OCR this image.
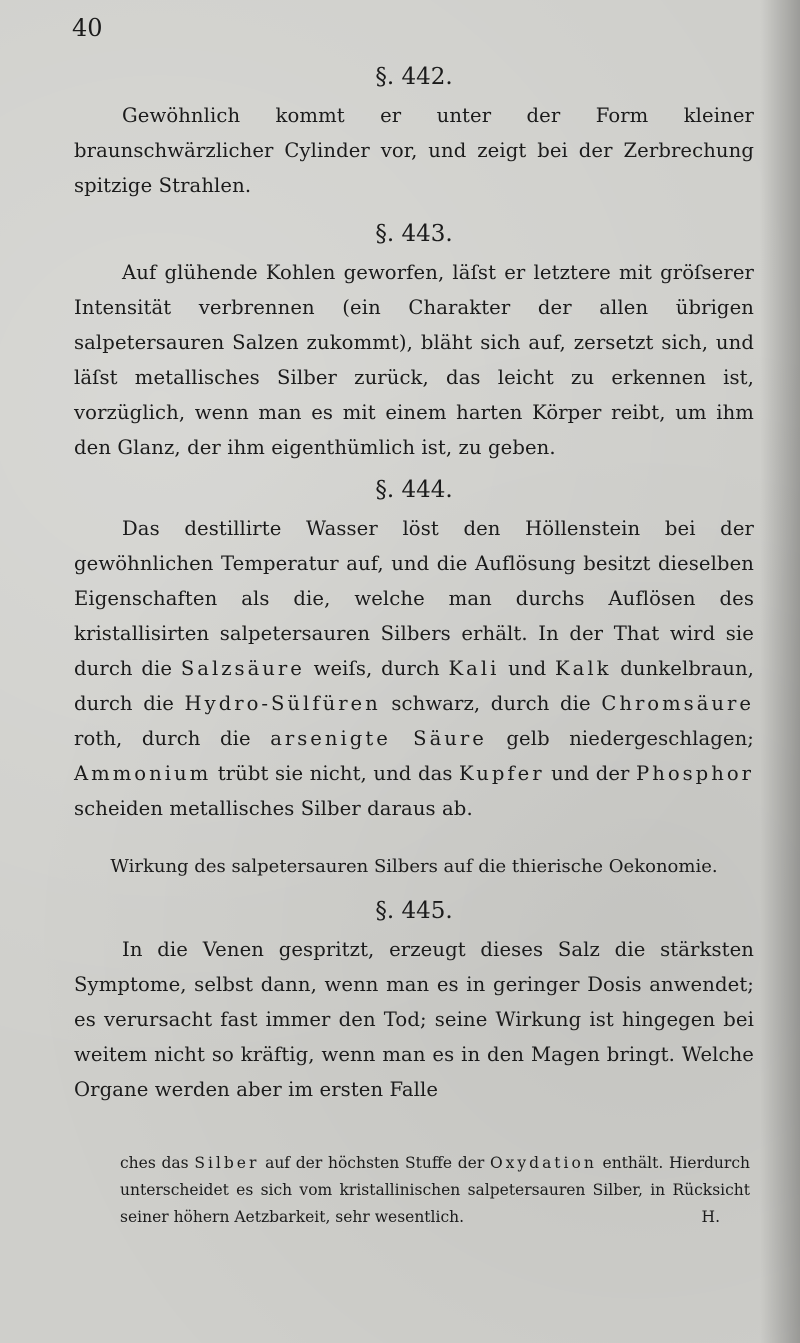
40
§. 442.

Gewöhnlich kommt er unter der Form kleiner braunschwärzlicher Cylinder vor, und zeigt bei der Zerbrechung spitzige Strahlen.

§. 443.

Auf glühende Kohlen geworfen, läſst er letztere mit gröſserer Intensität verbrennen (ein Charakter der allen übrigen salpetersauren Salzen zukommt), bläht sich auf, zersetzt sich, und läſst metallisches Silber zurück, das leicht zu erkennen ist, vorzüglich, wenn man es mit einem harten Körper reibt, um ihm den Glanz, der ihm eigenthümlich ist, zu geben.

§. 444.

Das destillirte Wasser löst den Höllenstein bei der gewöhnlichen Temperatur auf, und die Auflösung besitzt dieselben Eigenschaften als die, welche man durchs Auflösen des kristallisirten salpetersauren Silbers erhält. In der That wird sie durch die Salzsäure weiſs, durch Kali und Kalk dunkelbraun, durch die Hydro-Sülfüren schwarz, durch die Chromsäure roth, durch die arsenigte Säure gelb niedergeschlagen; Ammonium trübt sie nicht, und das Kupfer und der Phosphor scheiden metallisches Silber daraus ab.

Wirkung des salpetersauren Silbers auf die thierische Oekonomie.
§. 445.

In die Venen gespritzt, erzeugt dieses Salz die stärksten Symptome, selbst dann, wenn man es in geringer Dosis anwendet; es verursacht fast immer den Tod; seine Wirkung ist hingegen bei weitem nicht so kräftig, wenn man es in den Magen bringt. Welche Organe werden aber im ersten Falle

ches das Silber auf der höchsten Stuffe der Oxydation enthält. Hierdurch unterscheidet es sich vom kristallinischen salpetersauren Silber, in Rücksicht seiner höhern Aetzbarkeit, sehr wesentlich.	H.
